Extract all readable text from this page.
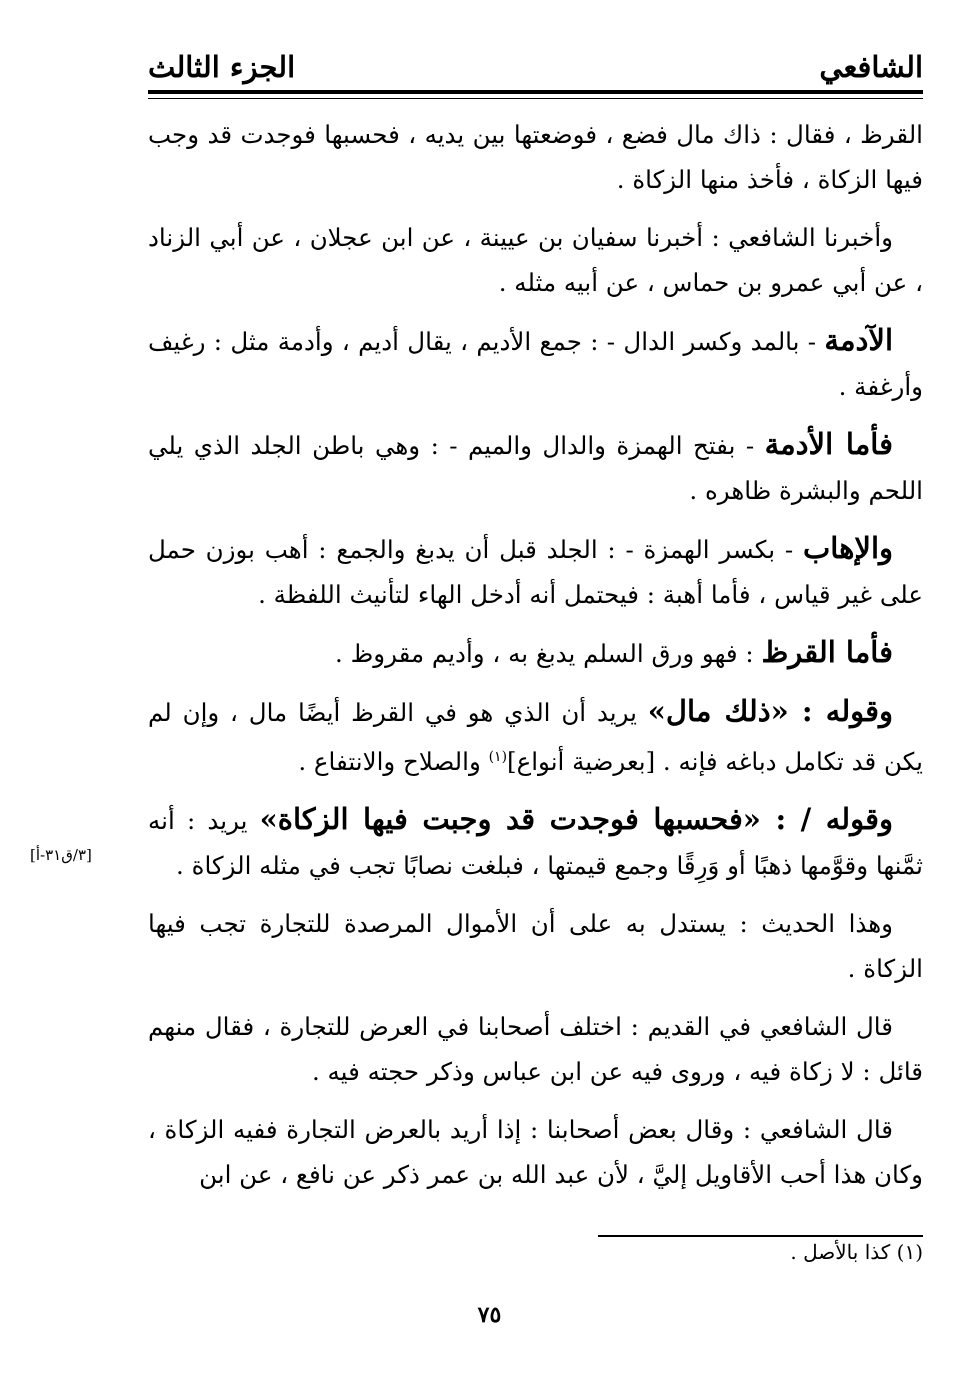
الشافعي
الجزء الثالث

القرظ ، فقال : ذاك مال فضع ، فوضعتها بين يديه ، فحسبها فوجدت قد وجب فيها الزكاة ، فأخذ منها الزكاة .

وأخبرنا الشافعي : أخبرنا سفيان بن عيينة ، عن ابن عجلان ، عن أبي الزناد ، عن أبي عمرو بن حماس ، عن أبيه مثله .

الآدمة - بالمد وكسر الدال - : جمع الأديم ، يقال أديم ، وأدمة مثل : رغيف وأرغفة .

فأما الأدمة - بفتح الهمزة والدال والميم - : وهي باطن الجلد الذي يلي اللحم والبشرة ظاهره .

والإهاب - بكسر الهمزة - : الجلد قبل أن يدبغ والجمع : أهب بوزن حمل على غير قياس ، فأما أهبة : فيحتمل أنه أدخل الهاء لتأنيث اللفظة .

فأما القرظ : فهو ورق السلم يدبغ به ، وأديم مقروظ .

وقوله : «ذلك مال» يريد أن الذي هو في القرظ أيضًا مال ، وإن لم يكن قد تكامل دباغه فإنه . [بعرضية أنواع]$^{(١)}$ والصلاح والانتفاع .

وقوله / : «فحسبها فوجدت قد وجبت فيها الزكاة» يريد : أنه ثمَّنها وقوَّمها ذهبًا أو وَرِقًا وجمع قيمتها ، فبلغت نصابًا تجب في مثله الزكاة .

وهذا الحديث : يستدل به على أن الأموال المرصدة للتجارة تجب فيها الزكاة .

قال الشافعي في القديم : اختلف أصحابنا في العرض للتجارة ، فقال منهم قائل : لا زكاة فيه ، وروى فيه عن ابن عباس وذكر حجته فيه .

قال الشافعي : وقال بعض أصحابنا : إذا أريد بالعرض التجارة ففيه الزكاة ، وكان هذا أحب الأقاويل إليَّ ، لأن عبد الله بن عمر ذكر عن نافع ، عن ابن

[٣/ق٣١-أ]
(١) كذا بالأصل .
٧٥
